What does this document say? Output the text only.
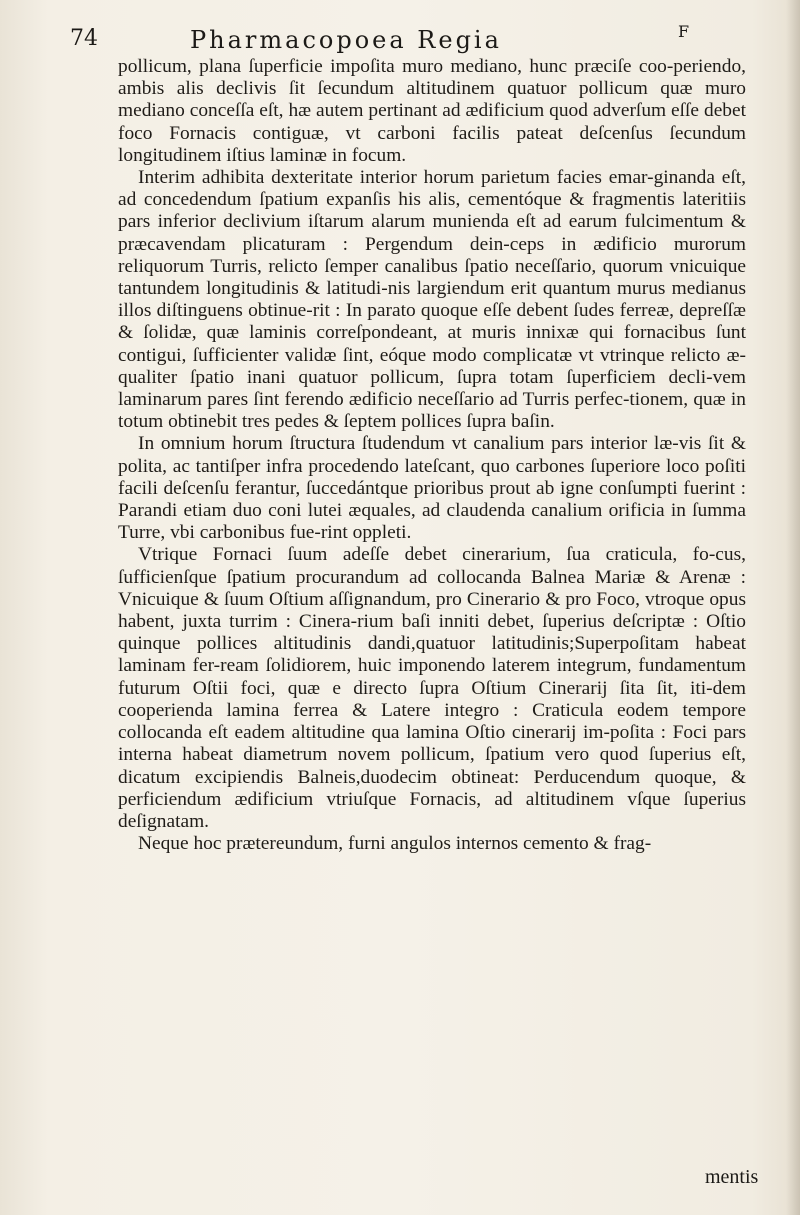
74	Pharmacopoea Regia	F

pollicum, plana ſuperficie impoſita muro mediano, hunc præciſe coo-periendo, ambis alis declivis ſit ſecundum altitudinem quatuor pollicum quæ muro mediano conceſſa eſt, hæ autem pertinant ad ædificium quod adverſum eſſe debet foco Fornacis contiguæ, vt carboni facilis pateat deſcenſus ſecundum longitudinem iſtius laminæ in focum.

Interim adhibita dexteritate interior horum parietum facies emar-ginanda eſt, ad concedendum ſpatium expanſis his alis, cementóque & fragmentis lateritiis pars inferior declivium iſtarum alarum munienda eſt ad earum fulcimentum & præcavendam plicaturam : Pergendum dein-ceps in ædificio murorum reliquorum Turris, relicto ſemper canalibus ſpatio neceſſario, quorum vnicuique tantundem longitudinis & latitudi-nis largiendum erit quantum murus medianus illos diſtinguens obtinue-rit : In parato quoque eſſe debent ſudes ferreæ, depreſſæ & ſolidæ, quæ laminis correſpondeant, at muris innixæ qui fornacibus ſunt contigui, ſufficienter validæ ſint, eóque modo complicatæ vt vtrinque relicto æ-qualiter ſpatio inani quatuor pollicum, ſupra totam ſuperficiem decli-vem laminarum pares ſint ferendo ædificio neceſſario ad Turris perfec-tionem, quæ in totum obtinebit tres pedes & ſeptem pollices ſupra baſin.

In omnium horum ſtructura ſtudendum vt canalium pars interior læ-vis ſit & polita, ac tantiſper infra procedendo lateſcant, quo carbones ſuperiore loco poſiti facili deſcenſu ferantur, ſuccedántque prioribus prout ab igne conſumpti fuerint : Parandi etiam duo coni lutei æquales, ad claudenda canalium orificia in ſumma Turre, vbi carbonibus fue-rint oppleti.

Vtrique Fornaci ſuum adeſſe debet cinerarium, ſua craticula, fo-cus, ſufficienſque ſpatium procurandum ad collocanda Balnea Mariæ & Arenæ : Vnicuique & ſuum Oſtium aſſignandum, pro Cinerario & pro Foco, vtroque opus habent, juxta turrim : Cinera-rium baſi inniti debet, ſuperius deſcriptæ : Oſtio quinque pollices altitudinis dandi,quatuor latitudinis;Superpoſitam habeat laminam fer-ream ſolidiorem, huic imponendo laterem integrum, fundamentum futurum Oſtii foci, quæ e directo ſupra Oſtium Cinerarij ſita ſit, iti-dem cooperienda lamina ferrea & Latere integro : Craticula eodem tempore collocanda eſt eadem altitudine qua lamina Oſtio cinerarij im-poſita : Foci pars interna habeat diametrum novem pollicum, ſpatium vero quod ſuperius eſt, dicatum excipiendis Balneis,duodecim obtineat: Perducendum quoque, & perficiendum ædificium vtriuſque Fornacis, ad altitudinem vſque ſuperius deſignatam.

Neque hoc prætereundum, furni angulos internos cemento & frag-

mentis
